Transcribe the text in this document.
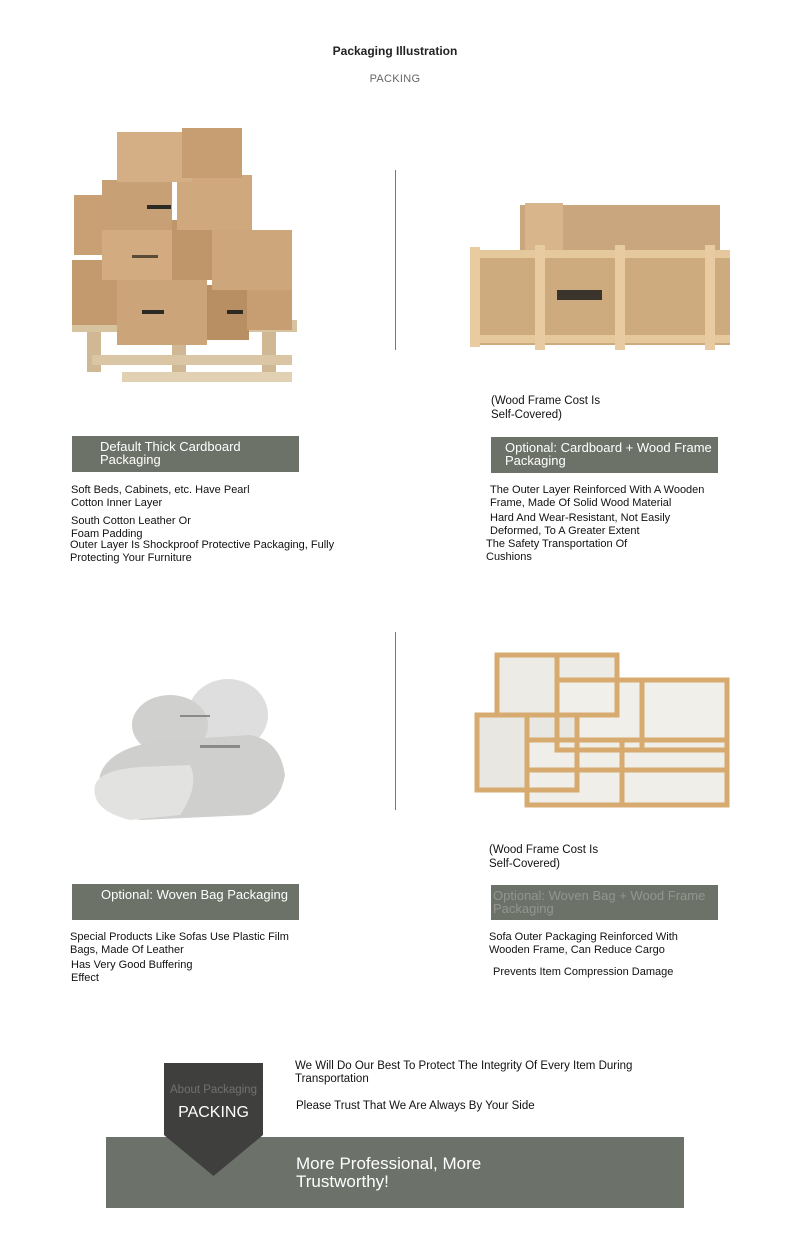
Packaging Illustration
PACKING
(Wood Frame Cost Is Self-Covered)
Default Thick Cardboard Packaging
Optional: Cardboard + Wood Frame Packaging
Soft Beds, Cabinets, etc. Have Pearl Cotton Inner Layer
South Cotton Leather Or Foam Padding
Outer Layer Is Shockproof Protective Packaging, Fully Protecting Your Furniture
The Outer Layer Reinforced With A Wooden Frame, Made Of Solid Wood Material
Hard And Wear-Resistant, Not Easily Deformed, To A Greater Extent
The Safety Transportation Of Cushions
(Wood Frame Cost Is Self-Covered)
Optional: Woven Bag Packaging	Optional: Woven Bag + Wood Frame Packaging
Special Products Like Sofas Use Plastic Film Bags, Made Of Leather
Has Very Good Buffering Effect
Sofa Outer Packaging Reinforced With Wooden Frame, Can Reduce Cargo
Prevents Item Compression Damage
About Packaging
PACKING
We Will Do Our Best To Protect The Integrity Of Every Item During Transportation
Please Trust That We Are Always By Your Side
More Professional, More Trustworthy!
